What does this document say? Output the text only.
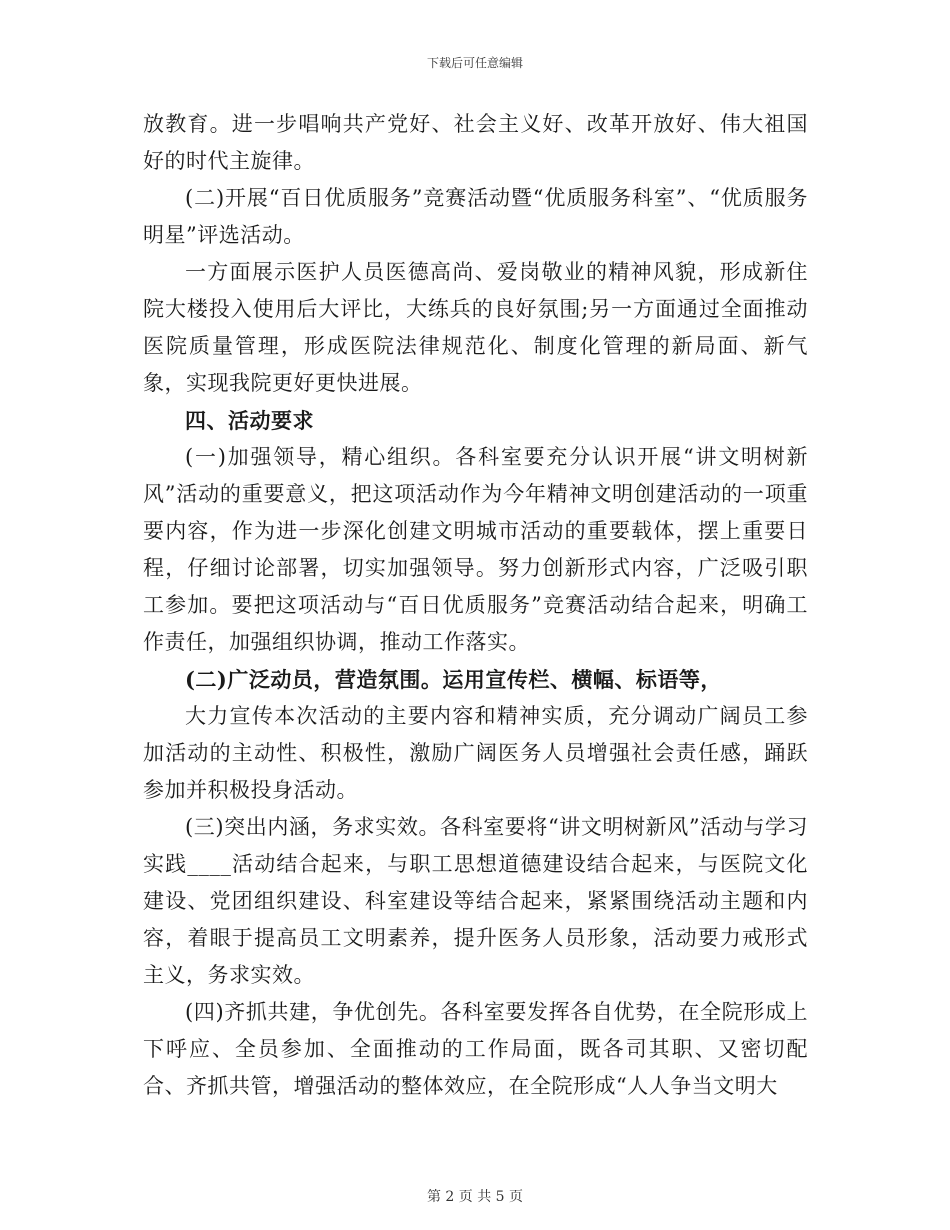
下载后可任意编辑

放教育。进一步唱响共产党好、社会主义好、改革开放好、伟大祖国好的时代主旋律。

(二)开展“百日优质服务”竞赛活动暨“优质服务科室”、“优质服务明星”评选活动。

一方面展示医护人员医德高尚、爱岗敬业的精神风貌，形成新住院大楼投入使用后大评比，大练兵的良好氛围;另一方面通过全面推动医院质量管理，形成医院法律规范化、制度化管理的新局面、新气象，实现我院更好更快进展。

四、活动要求

(一)加强领导，精心组织。各科室要充分认识开展“讲文明树新风”活动的重要意义，把这项活动作为今年精神文明创建活动的一项重要内容，作为进一步深化创建文明城市活动的重要载体，摆上重要日程，仔细讨论部署，切实加强领导。努力创新形式内容，广泛吸引职工参加。要把这项活动与“百日优质服务”竞赛活动结合起来，明确工作责任，加强组织协调，推动工作落实。

(二)广泛动员，营造氛围。运用宣传栏、横幅、标语等，

大力宣传本次活动的主要内容和精神实质，充分调动广阔员工参加活动的主动性、积极性，激励广阔医务人员增强社会责任感，踊跃参加并积极投身活动。

(三)突出内涵，务求实效。各科室要将“讲文明树新风”活动与学习实践____活动结合起来，与职工思想道德建设结合起来，与医院文化建设、党团组织建设、科室建设等结合起来，紧紧围绕活动主题和内容，着眼于提高员工文明素养，提升医务人员形象，活动要力戒形式主义，务求实效。

(四)齐抓共建，争优创先。各科室要发挥各自优势，在全院形成上下呼应、全员参加、全面推动的工作局面，既各司其职、又密切配合、齐抓共管，增强活动的整体效应，在全院形成“人人争当文明大

第 2 页 共 5 页
